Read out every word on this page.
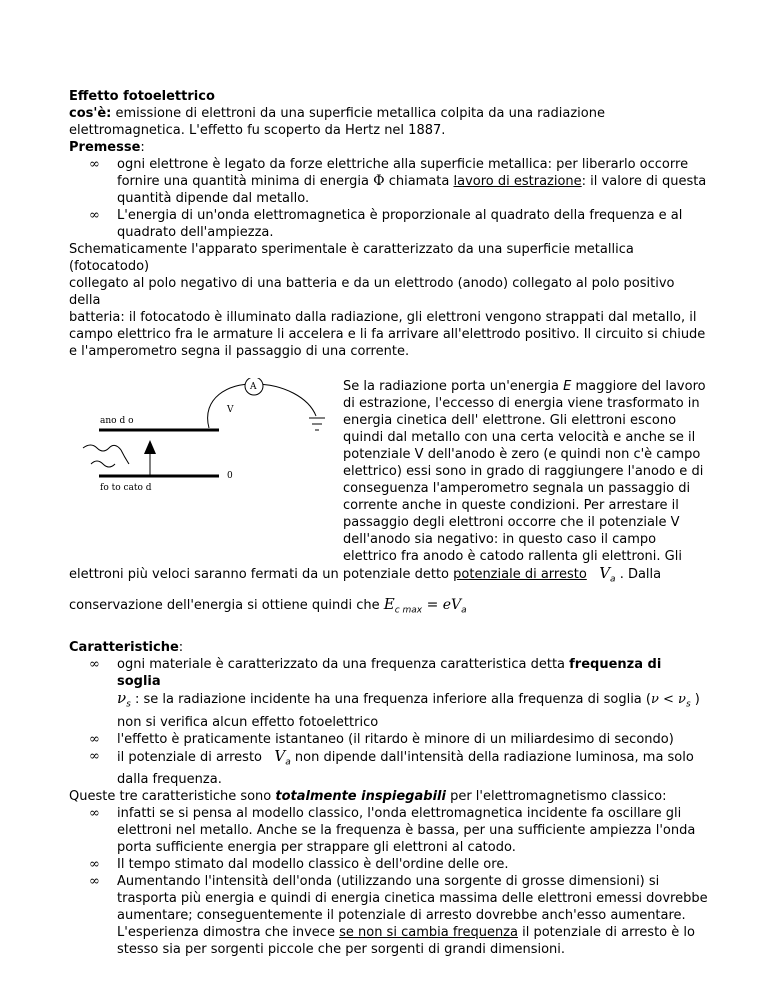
Effetto fotoelettrico

cos'è: emissione di elettroni da una superficie metallica colpita da una radiazione
elettromagnetica. L'effetto fu scoperto da Hertz nel 1887.

Premesse:

∞ ogni elettrone è legato da forze elettriche alla superficie metallica: per liberarlo occorre
fornire una quantità minima di energia Φ chiamata lavoro di estrazione: il valore di questa
quantità dipende dal metallo.
∞ L'energia di un'onda elettromagnetica è proporzionale al quadrato della frequenza e al
quadrato dell'ampiezza.

Schematicamente l'apparato sperimentale è caratterizzato da una superficie metallica (fotocatodo)
collegato al polo negativo di una batteria e da un elettrodo (anodo) collegato al polo positivo della
batteria: il fotocatodo è illuminato dalla radiazione, gli elettroni vengono strappati dal metallo, il
campo elettrico fra le armature li accelera e li fa arrivare all'elettrodo positivo. Il circuito si chiude
e l'amperometro segna il passaggio di una corrente.

A
ano d o
V
fo to cato d
0
Se la radiazione porta un'energia E maggiore del lavoro
di estrazione, l'eccesso di energia viene trasformato in
energia cinetica dell' elettrone. Gli elettroni escono
quindi dal metallo con una certa velocità e anche se il
potenziale V dell'anodo è zero (e quindi non c'è campo
elettrico) essi sono in grado di raggiungere l'anodo e di
conseguenza l'amperometro segnala un passaggio di
corrente anche in queste condizioni. Per arrestare il
passaggio degli elettroni occorre che il potenziale V
dell'anodo sia negativo: in questo caso il campo
elettrico fra anodo è catodo rallenta gli elettroni. Gli
elettroni più veloci saranno fermati da un potenziale detto potenziale di arresto $V_a$ . Dalla
conservazione dell'energia si ottiene quindi che $E_{c max} = eV_a$

Caratteristiche:

∞ ogni materiale è caratterizzato da una frequenza caratteristica detta frequenza di soglia
$\nu_s$ : se la radiazione incidente ha una frequenza inferiore alla frequenza di soglia ($\nu < \nu_s$ )
non si verifica alcun effetto fotoelettrico
∞ l'effetto è praticamente istantaneo (il ritardo è minore di un miliardesimo di secondo)
∞ il potenziale di arresto   $V_a$ non dipende dall'intensità della radiazione luminosa, ma solo
dalla frequenza.

Queste tre caratteristiche sono totalmente inspiegabili per l'elettromagnetismo classico:

∞ infatti se si pensa al modello classico, l'onda elettromagnetica incidente fa oscillare gli
elettroni nel metallo. Anche se la frequenza è bassa, per una sufficiente ampiezza l'onda
porta sufficiente energia per strappare gli elettroni al catodo.
∞ Il tempo stimato dal modello classico è dell'ordine delle ore.
∞ Aumentando l'intensità dell'onda (utilizzando una sorgente di grosse dimensioni) si
trasporta più energia e quindi di energia cinetica massima delle elettroni emessi dovrebbe
aumentare; conseguentemente il potenziale di arresto dovrebbe anch'esso aumentare.
L'esperienza dimostra che invece se non si cambia frequenza il potenziale di arresto è lo
stesso sia per sorgenti piccole che per sorgenti di grandi dimensioni.
